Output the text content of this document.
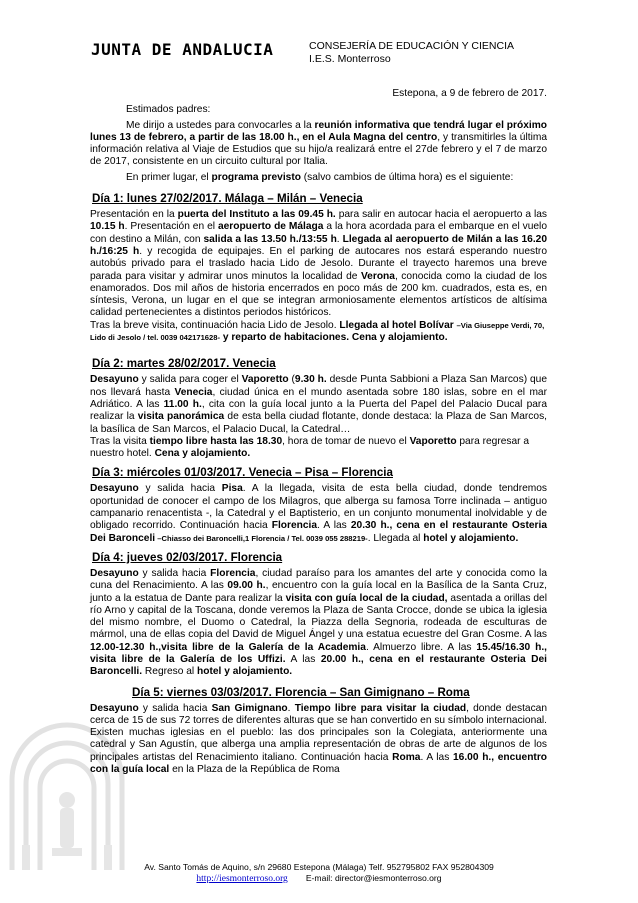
JUNTA DE ANDALUCIA	CONSEJERÍA DE EDUCACIÓN Y CIENCIA
I.E.S. Monterroso

Estepona, a 9 de febrero de 2017.

Estimados padres:

Me dirijo a ustedes para convocarles a la reunión informativa que tendrá lugar el próximo lunes 13 de febrero, a partir de las 18.00 h., en el Aula Magna del centro, y transmitirles la última información relativa al Viaje de Estudios que su hijo/a realizará entre el 27de febrero y el 7 de marzo de 2017, consistente en un circuito cultural por Italia.

En primer lugar, el programa previsto (salvo cambios de última hora) es el siguiente:

Día 1: lunes 27/02/2017. Málaga – Milán – Venecia

Presentación en la puerta del Instituto a las 09.45 h. para salir en autocar hacia el aeropuerto a las 10.15 h. Presentación en el aeropuerto de Málaga a la hora acordada para el embarque en el vuelo con destino a Milán, con salida a las 13.50 h./13:55 h. Llegada al aeropuerto de Milán a las 16.20 h./16:25 h. y recogida de equipajes. En el parking de autocares nos estará esperando nuestro autobús privado para el traslado hacia Lido de Jesolo. Durante el trayecto haremos una breve parada para visitar y admirar unos minutos la localidad de Verona, conocida como la ciudad de los enamorados. Dos mil años de historia encerrados en poco más de 200 km. cuadrados, esta es, en síntesis, Verona, un lugar en el que se integran armoniosamente elementos artísticos de altísima calidad pertenecientes a distintos periodos históricos.

Tras la breve visita, continuación hacia Lido de Jesolo. Llegada al hotel Bolívar –Via Giuseppe Verdi, 70, Lido di Jesolo / tel. 0039 042171628- y reparto de habitaciones. Cena y alojamiento.

Día 2: martes 28/02/2017. Venecia

Desayuno y salida para coger el Vaporetto (9.30 h. desde Punta Sabbioni a Plaza San Marcos) que nos llevará hasta Venecia, ciudad única en el mundo asentada sobre 180 islas, sobre en el mar Adriático. A las 11.00 h., cita con la guía local junto a la Puerta del Papel del Palacio Ducal para realizar la visita panorámica de esta bella ciudad flotante, donde destaca: la Plaza de San Marcos, la basílica de San Marcos, el Palacio Ducal, la Catedral…

Tras la visita tiempo libre hasta las 18.30, hora de tomar de nuevo el Vaporetto para regresar a nuestro hotel. Cena y alojamiento.

Día 3: miércoles 01/03/2017. Venecia – Pisa – Florencia

Desayuno y salida hacia Pisa. A la llegada, visita de esta bella ciudad, donde tendremos oportunidad de conocer el campo de los Milagros, que alberga su famosa Torre inclinada – antiguo campanario renacentista -, la Catedral y el Baptisterio, en un conjunto monumental inolvidable y de obligado recorrido. Continuación hacia Florencia. A las 20.30 h., cena en el restaurante Osteria Dei Baronceli –Chiasso dei Baroncelli,1 Florencia / Tel. 0039 055 288219-. Llegada al hotel y alojamiento.

Día 4: jueves 02/03/2017. Florencia

Desayuno y salida hacia Florencia, ciudad paraíso para los amantes del arte y conocida como la cuna del Renacimiento. A las 09.00 h., encuentro con la guía local en la Basílica de la Santa Cruz, junto a la estatua de Dante para realizar la visita con guía local de la ciudad, asentada a orillas del río Arno y capital de la Toscana, donde veremos la Plaza de Santa Crocce, donde se ubica la iglesia del mismo nombre, el Duomo o Catedral, la Piazza della Segnoria, rodeada de esculturas de mármol, una de ellas copia del David de Miguel Ángel y una estatua ecuestre del Gran Cosme. A las 12.00-12.30 h.,visita libre de la Galería de la Academia. Almuerzo libre. A las 15.45/16.30 h., visita libre de la Galería de los Uffizi. A las 20.00 h., cena en el restaurante Osteria Dei Baroncelli. Regreso al hotel y alojamiento.

Día 5: viernes 03/03/2017. Florencia – San Gimignano – Roma

Desayuno y salida hacia San Gimignano. Tiempo libre para visitar la ciudad, donde destacan cerca de 15 de sus 72 torres de diferentes alturas que se han convertido en su símbolo internacional. Existen muchas iglesias en el pueblo: las dos principales son la Colegiata, anteriormente una catedral y San Agustín, que alberga una amplia representación de obras de arte de algunos de los principales artistas del Renacimiento italiano. Continuación hacia Roma. A las 16.00 h., encuentro con la guía local en la Plaza de la República de Roma

Av. Santo Tomás de Aquino, s/n 29680 Estepona (Málaga) Telf. 952795802 FAX 952804309
http://iesmonterroso.org E-mail: director@iesmonterroso.org
